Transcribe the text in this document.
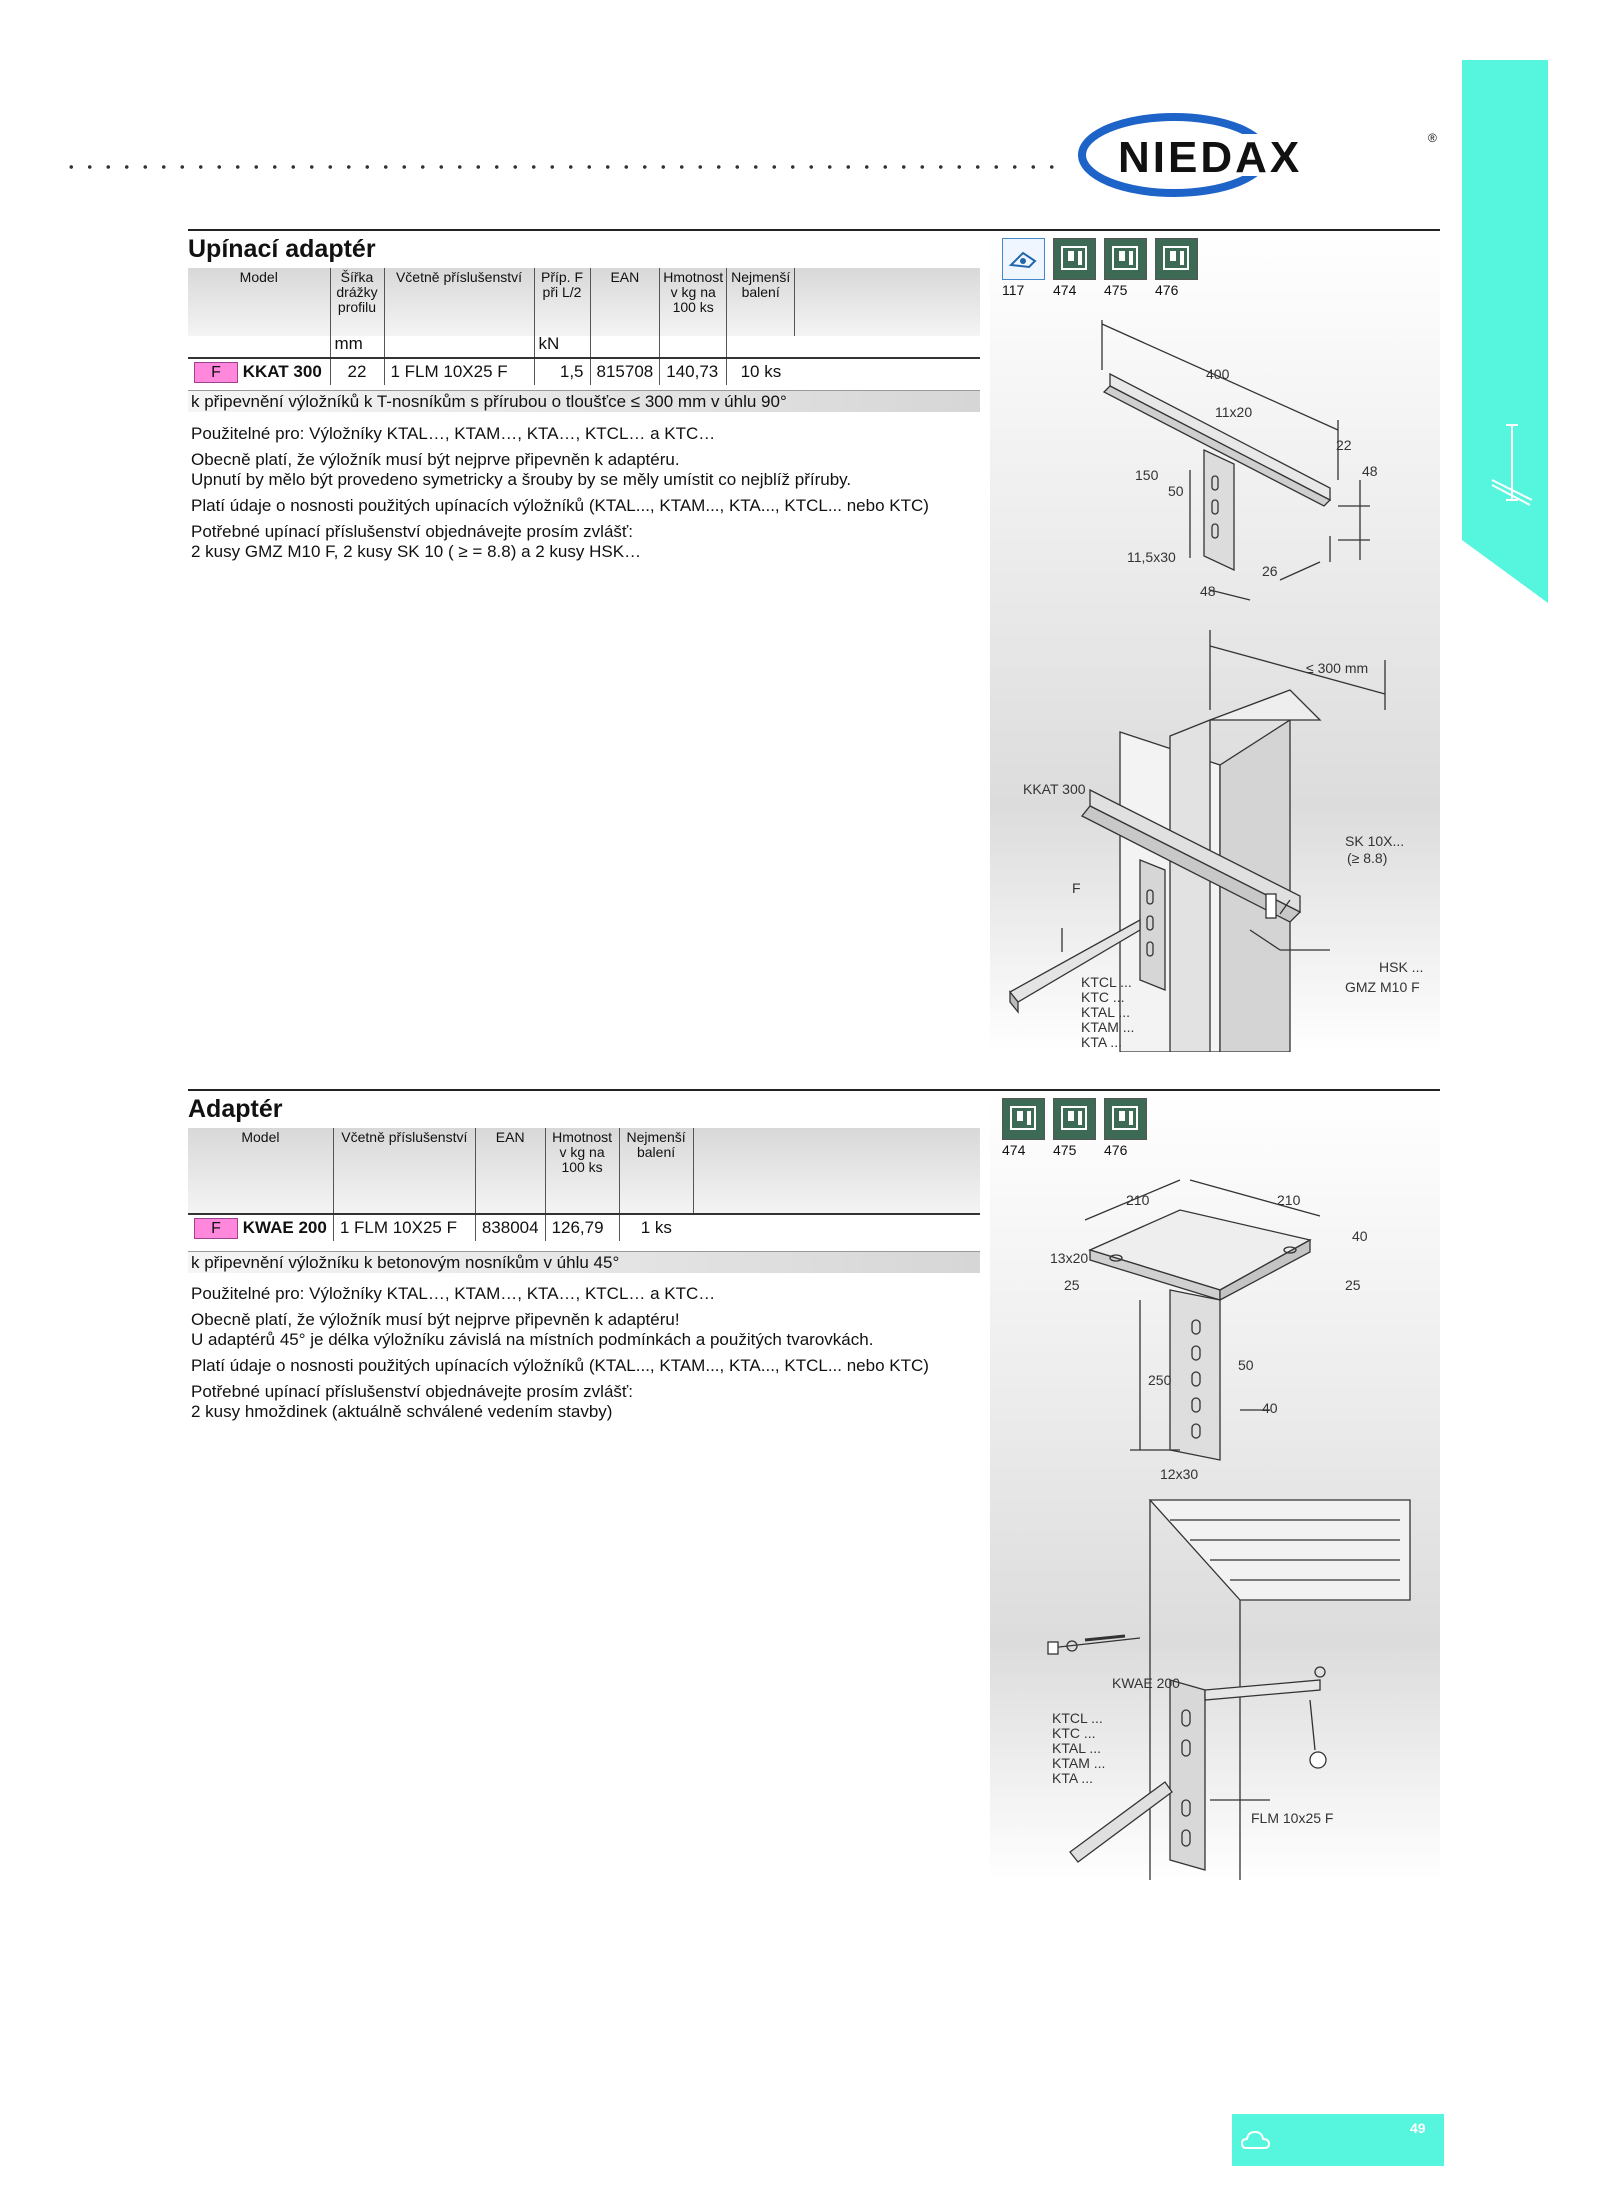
NIEDAX	®
Upínací adaptér
Model	Šířka drážky profilu	Včetně příslušenství	Příp. F při L/2	EAN	Hmotnost v kg na 100 ks	Nejmenší balení	
	mm		kN				
F KKAT 300	22	1 FLM 10X25 F	1,5	815708	140,73	10 ks	
k připevnění výložníků k T-nosníkům s přírubou o tloušťce ≤ 300 mm v úhlu 90°
Použitelné pro: Výložníky KTAL…, KTAM…, KTA…, KTCL… a KTC…
Obecně platí, že výložník musí být nejprve připevněn k adaptéru.
Upnutí by mělo být provedeno symetricky a šrouby by se měly umístit co nejblíž příruby.
Platí údaje o nosnosti použitých upínacích výložníků (KTAL..., KTAM..., KTA..., KTCL... nebo KTC)
Potřebné upínací příslušenství objednávejte prosím zvlášť:
2 kusy GMZ M10 F, 2 kusy SK 10 ( ≥ = 8.8) a 2 kusy HSK…
117	474	475	476
400
11x20
22
48
150
50
11,5x30
26
48
≤ 300 mm
KKAT 300
SK 10X...
(≥ 8.8)
F
HSK ...
GMZ M10 F
KTCL ...
KTC ...
KTAL ...
KTAM ...
KTA ...
Adaptér
Model	Včetně příslušenství	EAN	Hmotnost v kg na 100 ks	Nejmenší balení	
F KWAE 200	1 FLM 10X25 F	838004	126,79	1 ks	
k připevnění výložníku k betonovým nosníkům v úhlu 45°
Použitelné pro: Výložníky KTAL…, KTAM…, KTA…, KTCL… a KTC…
Obecně platí, že výložník musí být nejprve připevněn k adaptéru!
U adaptérů 45° je délka výložníku závislá na místních podmínkách a použitých tvarovkách.
Platí údaje o nosnosti použitých upínacích výložníků (KTAL..., KTAM..., KTA..., KTCL... nebo KTC)
Potřebné upínací příslušenství objednávejte prosím zvlášť:
2 kusy hmoždinek (aktuálně schválené vedením stavby)
474	475	476
210	210
40
13x20
25	25
250
50
40
12x30
KWAE 200
KTCL ...
KTC ...
KTAL ...
KTAM ...
KTA ...
FLM 10x25 F
49
